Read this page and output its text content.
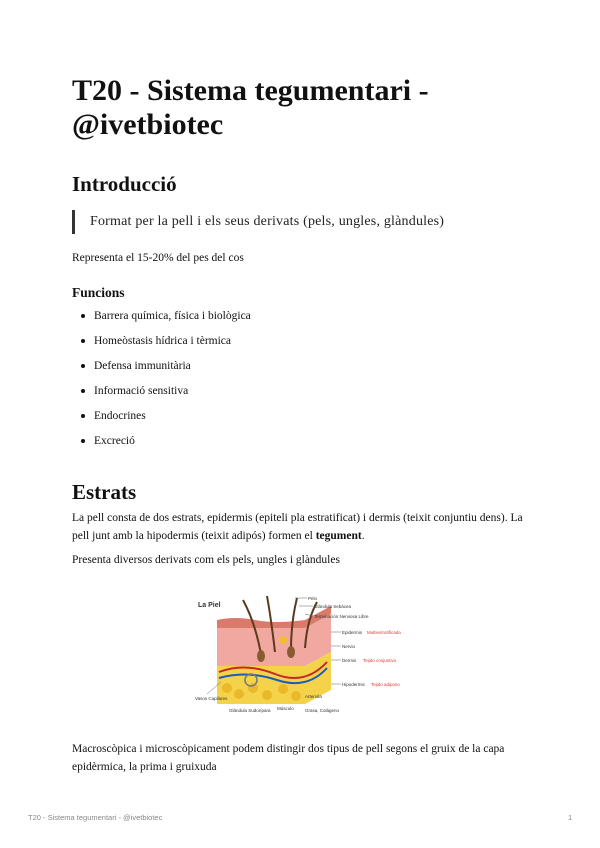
T20 - Sistema tegumentari - @ivetbiotec
Introducció
Format per la pell i els seus derivats (pels, ungles, glàndules)

Representa el 15-20% del pes del cos

Funcions
Barrera química, física i biològica
Homeòstasis hídrica i tèrmica
Defensa immunitària
Informació sensitiva
Endocrines
Excreció
Estrats

La pell consta de dos estrats, epidermis (epiteli pla estratificat) i dermis (teixit conjuntiu dens). La pell junt amb la hipodermis (teixit adipós) formen el tegument.

Presenta diversos derivats com els pels, ungles i glàndules

La Piel
Pelo
Glándula Sebácea
Terminación Nerviosa Libre
Epidermis Multiestratificada
Nervio
Dermis Tejido conjuntivo
Hipodermis Tejido adiposo
Vasos Capilares
Glándula Sudorípara Músculo
Arteriola
Grasa, Colágeno

Macroscòpica i microscòpicament podem distingir dos tipus de pell segons el gruix de la capa epidèrmica, la prima i gruixuda

T20 - Sistema tegumentari - @ivetbiotec	1
